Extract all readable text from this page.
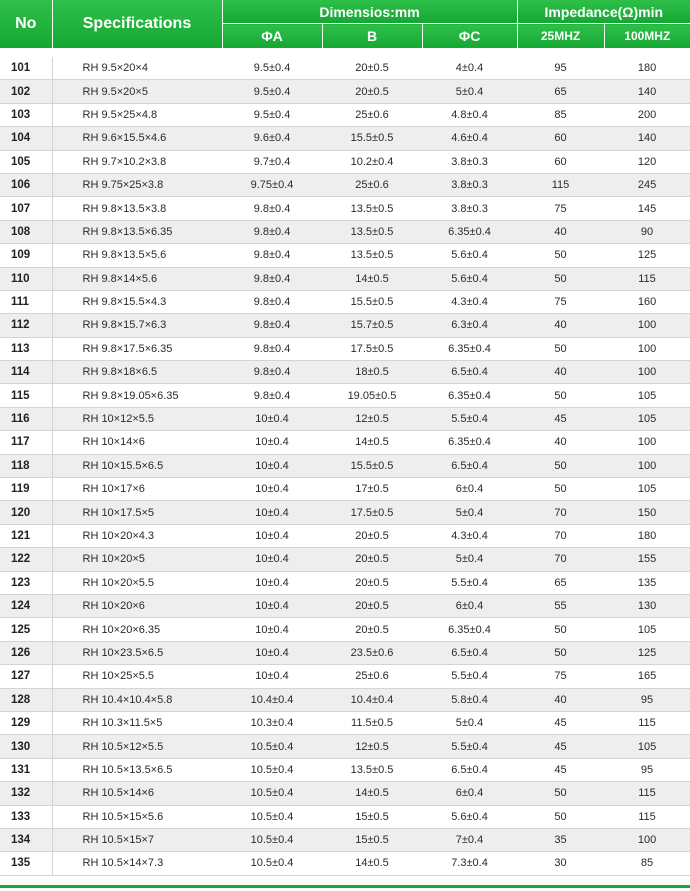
No	Specifications	Dimensios:mm			Impedance(Ω)min	
		ΦA	B	ΦC	25MHZ	100MHZ

101	RH 9.5×20×4	9.5±0.4	20±0.5	4±0.4	95	180
102	RH 9.5×20×5	9.5±0.4	20±0.5	5±0.4	65	140
103	RH 9.5×25×4.8	9.5±0.4	25±0.6	4.8±0.4	85	200
104	RH 9.6×15.5×4.6	9.6±0.4	15.5±0.5	4.6±0.4	60	140
105	RH 9.7×10.2×3.8	9.7±0.4	10.2±0.4	3.8±0.3	60	120
106	RH 9.75×25×3.8	9.75±0.4	25±0.6	3.8±0.3	115	245
107	RH 9.8×13.5×3.8	9.8±0.4	13.5±0.5	3.8±0.3	75	145
108	RH 9.8×13.5×6.35	9.8±0.4	13.5±0.5	6.35±0.4	40	90
109	RH 9.8×13.5×5.6	9.8±0.4	13.5±0.5	5.6±0.4	50	125
110	RH 9.8×14×5.6	9.8±0.4	14±0.5	5.6±0.4	50	115
111	RH 9.8×15.5×4.3	9.8±0.4	15.5±0.5	4.3±0.4	75	160
112	RH 9.8×15.7×6.3	9.8±0.4	15.7±0.5	6.3±0.4	40	100
113	RH 9.8×17.5×6.35	9.8±0.4	17.5±0.5	6.35±0.4	50	100
114	RH 9.8×18×6.5	9.8±0.4	18±0.5	6.5±0.4	40	100
115	RH 9.8×19.05×6.35	9.8±0.4	19.05±0.5	6.35±0.4	50	105
116	RH 10×12×5.5	10±0.4	12±0.5	5.5±0.4	45	105
117	RH 10×14×6	10±0.4	14±0.5	6.35±0.4	40	100
118	RH 10×15.5×6.5	10±0.4	15.5±0.5	6.5±0.4	50	100
119	RH 10×17×6	10±0.4	17±0.5	6±0.4	50	105
120	RH 10×17.5×5	10±0.4	17.5±0.5	5±0.4	70	150
121	RH 10×20×4.3	10±0.4	20±0.5	4.3±0.4	70	180
122	RH 10×20×5	10±0.4	20±0.5	5±0.4	70	155
123	RH 10×20×5.5	10±0.4	20±0.5	5.5±0.4	65	135
124	RH 10×20×6	10±0.4	20±0.5	6±0.4	55	130
125	RH 10×20×6.35	10±0.4	20±0.5	6.35±0.4	50	105
126	RH 10×23.5×6.5	10±0.4	23.5±0.6	6.5±0.4	50	125
127	RH 10×25×5.5	10±0.4	25±0.6	5.5±0.4	75	165
128	RH 10.4×10.4×5.8	10.4±0.4	10.4±0.4	5.8±0.4	40	95
129	RH 10.3×11.5×5	10.3±0.4	11.5±0.5	5±0.4	45	115
130	RH 10.5×12×5.5	10.5±0.4	12±0.5	5.5±0.4	45	105
131	RH 10.5×13.5×6.5	10.5±0.4	13.5±0.5	6.5±0.4	45	95
132	RH 10.5×14×6	10.5±0.4	14±0.5	6±0.4	50	115
133	RH 10.5×15×5.6	10.5±0.4	15±0.5	5.6±0.4	50	115
134	RH 10.5×15×7	10.5±0.4	15±0.5	7±0.4	35	100
135	RH 10.5×14×7.3	10.5±0.4	14±0.5	7.3±0.4	30	85
